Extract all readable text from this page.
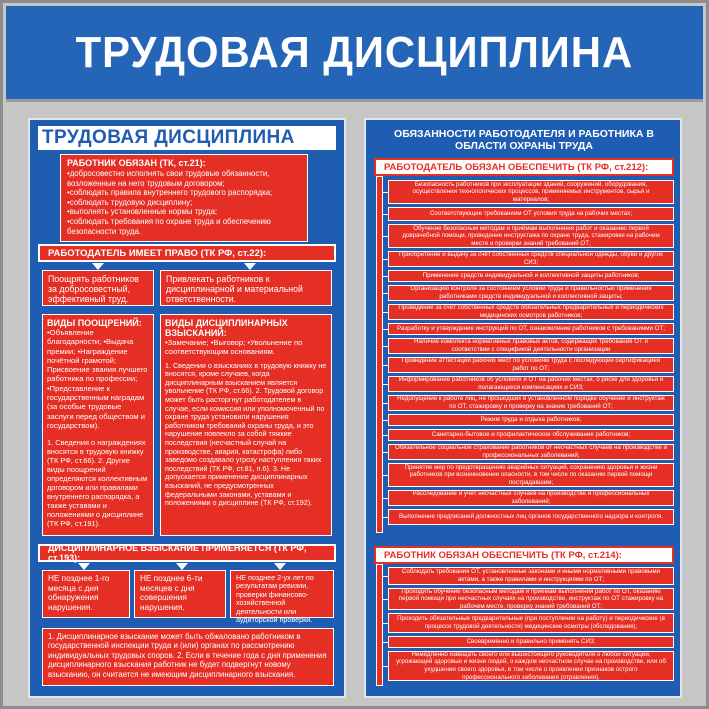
ТРУДОВАЯ ДИСЦИПЛИНА
ТРУДОВАЯ ДИСЦИПЛИНА
РАБОТНИК ОБЯЗАН (ТК, ст.21):
•добросовестно исполнять свои трудовые обязанности, возложенные на него трудовым договором;
•соблюдать правила внутреннего трудового распорядка;
•соблюдать трудовую дисциплину;
•выполнять установленные нормы труда;
•соблюдать требования по охране труда и обеспечению безопасности труда.
РАБОТОДАТЕЛЬ ИМЕЕТ ПРАВО (ТК РФ, ст.22):
Поощрять работников за добросовестный, эффективный труд.
Привлекать работников к дисциплинарной и материальной ответственности.
ВИДЫ ПООЩРЕНИЙ:
•Объявление благодарности; •Выдача премии; •Награждение почётной грамотой; Присвоение звания лучшего работника по профессии; •Представление к государственным наградам (за особые трудовые заслуги перед обществом и государством).
1. Сведения о награждениях вносятся в трудовую книжку (ТК РФ, ст.66). 2. Другие виды поощрений определяются коллективным договором или правилами внутреннего распорядка, а также уставами и положениями о дисциплине (ТК РФ, ст.191).
ВИДЫ ДИСЦИПЛИНАРНЫХ ВЗЫСКАНИЙ:
•Замечание; •Выговор; •Увольнение по соответствующим основаниям.
1. Сведения о взысканиях в трудовую книжку не вносятся, кроме случаев, когда дисциплинарным взысканием является увольнение (ТК РФ, ст.66). 2. Трудовой договор может быть расторгнут работодателем в случае, если комиссия или уполномоченный по охране труда установили нарушения работником требований охраны труда, и это нарушение повлекло за собой тяжкие последствия (несчастный случай на производстве, авария, катастрофа) либо заведомо создавало угрозу наступления таких последствий (ТК РФ, ст.81, п.6). 3. Не допускается применение дисциплинарных взысканий, не предусмотренных федеральными законами, уставами и положениями о дисциплине (ТК РФ, ст.192).
ДИСЦИПЛИНАРНОЕ ВЗЫСКАНИЕ ПРИМЕНЯЕТСЯ (ТК РФ, ст.193):
НЕ позднее 1-го месяца с дня обнаружения нарушения.
НЕ позднее 6-ти месяцев с дня совершения нарушения.
НЕ позднее 2-ух лет по результатам ревизии, проверки финансово-хозяйственной деятельности или аудиторской проверки.
1. Дисциплинарное взыскание может быть обжаловано работником в государственной инспекции труда и (или) органах по рассмотрению индивидуальных трудовых споров. 2. Если в течение года с дня применения дисциплинарного взыскания работник не будет подвергнут новому взысканию, он считается не имеющим дисциплинарного взыскания.
ОБЯЗАННОСТИ РАБОТОДАТЕЛЯ И РАБОТНИКА В ОБЛАСТИ ОХРАНЫ ТРУДА
РАБОТОДАТЕЛЬ ОБЯЗАН ОБЕСПЕЧИТЬ (ТК РФ, ст.212):
Безопасность работников при эксплуатации зданий, сооружений, оборудования, осуществлении технологических процессов, применяемых инструментов, сырья и материалов;
Соответствующие требованиям ОТ условия труда на рабочих местах;
Обучение безопасным методам и приёмам выполнения работ и оказанию первой доврачебной помощи, проведение инструктажа по охране труда, стажировки на рабочем месте и проверки знаний требований ОТ;
Приобретение и выдачу за счёт собственных средств специальной одежды, обуви и других СИЗ;
Применение средств индивидуальной и коллективной защиты работников;
Организацию контроля за состоянием условий труда и правильностью применения работниками средств индивидуальной и коллективной защиты;
Проведение за счёт собственных средств обязательных предварительных и периодических медицинских осмотров работников;
Разработку и утверждение инструкций по ОТ, ознакомление работников с требованиями ОТ;
Наличие комплекта нормативных правовых актов, содержащих требования ОТ и соответствии с спецификой деятельности организации
Проведение аттестаций рабочих мест по условиям труда с последующей сертификацией работ по ОТ;
Информирование работников об условиях и ОТ на рабочих местах, о риске для здоровья и полагающихся компенсациях и СИЗ;
Недопущение к работе лиц, не прошедших в установленном порядке обучение и инструктаж по ОТ, стажировку и проверку на знание требований ОТ;
Режим труда и отдыха работников;
Санитарно-бытовое и профилактическое обслуживание работников;
Обязательное социальное страхование работников от несчастных случаев на производстве и профессиональных заболеваний;
Принятие мер по предотвращению аварийных ситуаций, сохранению здоровья и жизни работников при возникновении опасности, в том числе по оказанию первой помощи пострадавшим;
Расследование и учёт несчастных случаев на производстве и профессиональных заболеваний;
Выполнение предписаний должностных лиц органов государственного надзора и контроля.
РАБОТНИК ОБЯЗАН ОБЕСПЕЧИТЬ (ТК РФ, ст.214):
Соблюдать требования ОТ, установленные законами и иными нормативными правовыми актами, а также правилами и инструкциями по ОТ;
Проходить обучение безопасным методам и приёмам выполнения работ по ОТ, оказанию первой помощи при несчастных случаях на производстве, инструктаж по ОТ стажировку на рабочем месте, проверку знаний требований ОТ;
Проходить обязательные предварительные (при поступлении на работу) и периодические (в процессе трудовой деятельности) медицинские осмотры (обследования);
Своевременно и правильно применять СИЗ;
Немедленно извещать своего или вышестоящего руководителя о любой ситуации, угрожающей здоровью и жизни людей, о каждом несчастном случае на производстве, или об ухудшении своего здоровья, в том числе о проявлении признаков острого профессионального заболевания (отравления).
